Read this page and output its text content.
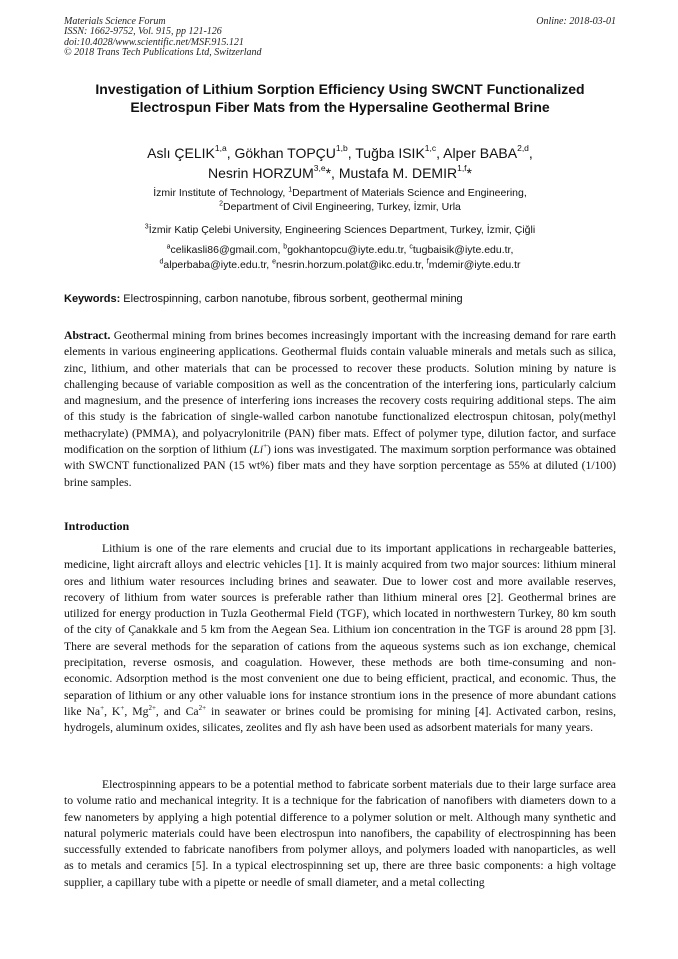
Materials Science Forum
ISSN: 1662-9752, Vol. 915, pp 121-126
doi:10.4028/www.scientific.net/MSF.915.121
© 2018 Trans Tech Publications Ltd, Switzerland
Online: 2018-03-01
Investigation of Lithium Sorption Efficiency Using SWCNT Functionalized Electrospun Fiber Mats from the Hypersaline Geothermal Brine
Aslı ÇELIK$^{1,a}$, Gökhan TOPÇU$^{1,b}$, Tuğba ISIK$^{1,c}$, Alper BABA$^{2,d}$,
Nesrin HORZUM$^{3,e}$*, Mustafa M. DEMIR$^{1,f}$*
İzmir Institute of Technology, $^1$Department of Materials Science and Engineering,
$^2$Department of Civil Engineering, Turkey, İzmir, Urla
$^3$İzmir Katip Çelebi University, Engineering Sciences Department, Turkey, İzmir, Çiğli
$^a$celikasli86@gmail.com, $^b$gokhantopcu@iyte.edu.tr, $^c$tugbaisik@iyte.edu.tr,
$^d$alperbaba@iyte.edu.tr, $^e$nesrin.horzum.polat@ikc.edu.tr, $^f$mdemir@iyte.edu.tr
Keywords: Electrospinning, carbon nanotube, fibrous sorbent, geothermal mining
Abstract. Geothermal mining from brines becomes increasingly important with the increasing demand for rare earth elements in various engineering applications. Geothermal fluids contain valuable minerals and metals such as silica, zinc, lithium, and other materials that can be processed to recover these products. Solution mining by nature is challenging because of variable composition as well as the concentration of the interfering ions, particularly calcium and magnesium, and the presence of interfering ions increases the recovery costs requiring additional steps. The aim of this study is the fabrication of single-walled carbon nanotube functionalized electrospun chitosan, poly(methyl methacrylate) (PMMA), and polyacrylonitrile (PAN) fiber mats. Effect of polymer type, dilution factor, and surface modification on the sorption of lithium (Li+) ions was investigated. The maximum sorption performance was obtained with SWCNT functionalized PAN (15 wt%) fiber mats and they have sorption percentage as 55% at diluted (1/100) brine samples.
Introduction
Lithium is one of the rare elements and crucial due to its important applications in rechargeable batteries, medicine, light aircraft alloys and electric vehicles [1]. It is mainly acquired from two major sources: lithium mineral ores and lithium water resources including brines and seawater. Due to lower cost and more available reserves, recovery of lithium from water sources is preferable rather than lithium mineral ores [2]. Geothermal brines are utilized for energy production in Tuzla Geothermal Field (TGF), which located in northwestern Turkey, 80 km south of the city of Çanakkale and 5 km from the Aegean Sea. Lithium ion concentration in the TGF is around 28 ppm [3]. There are several methods for the separation of cations from the aqueous systems such as ion exchange, chemical precipitation, reverse osmosis, and coagulation. However, these methods are both time-consuming and non-economic. Adsorption method is the most convenient one due to being efficient, practical, and economic. Thus, the separation of lithium or any other valuable ions for instance strontium ions in the presence of more abundant cations like Na+, K+, $Mg^{2+}$, and $Ca^{2+}$ in seawater or brines could be promising for mining [4]. Activated carbon, resins, hydrogels, aluminum oxides, silicates, zeolites and fly ash have been used as adsorbent materials for many years.
Electrospinning appears to be a potential method to fabricate sorbent materials due to their large surface area to volume ratio and mechanical integrity. It is a technique for the fabrication of nanofibers with diameters down to a few nanometers by applying a high potential difference to a polymer solution or melt. Although many synthetic and natural polymeric materials could have been electrospun into nanofibers, the capability of electrospinning has been successfully extended to fabricate nanofibers from polymer alloys, and polymers loaded with nanoparticles, as well as to metals and ceramics [5]. In a typical electrospinning set up, there are three basic components: a high voltage supplier, a capillary tube with a pipette or needle of small diameter, and a metal collecting
